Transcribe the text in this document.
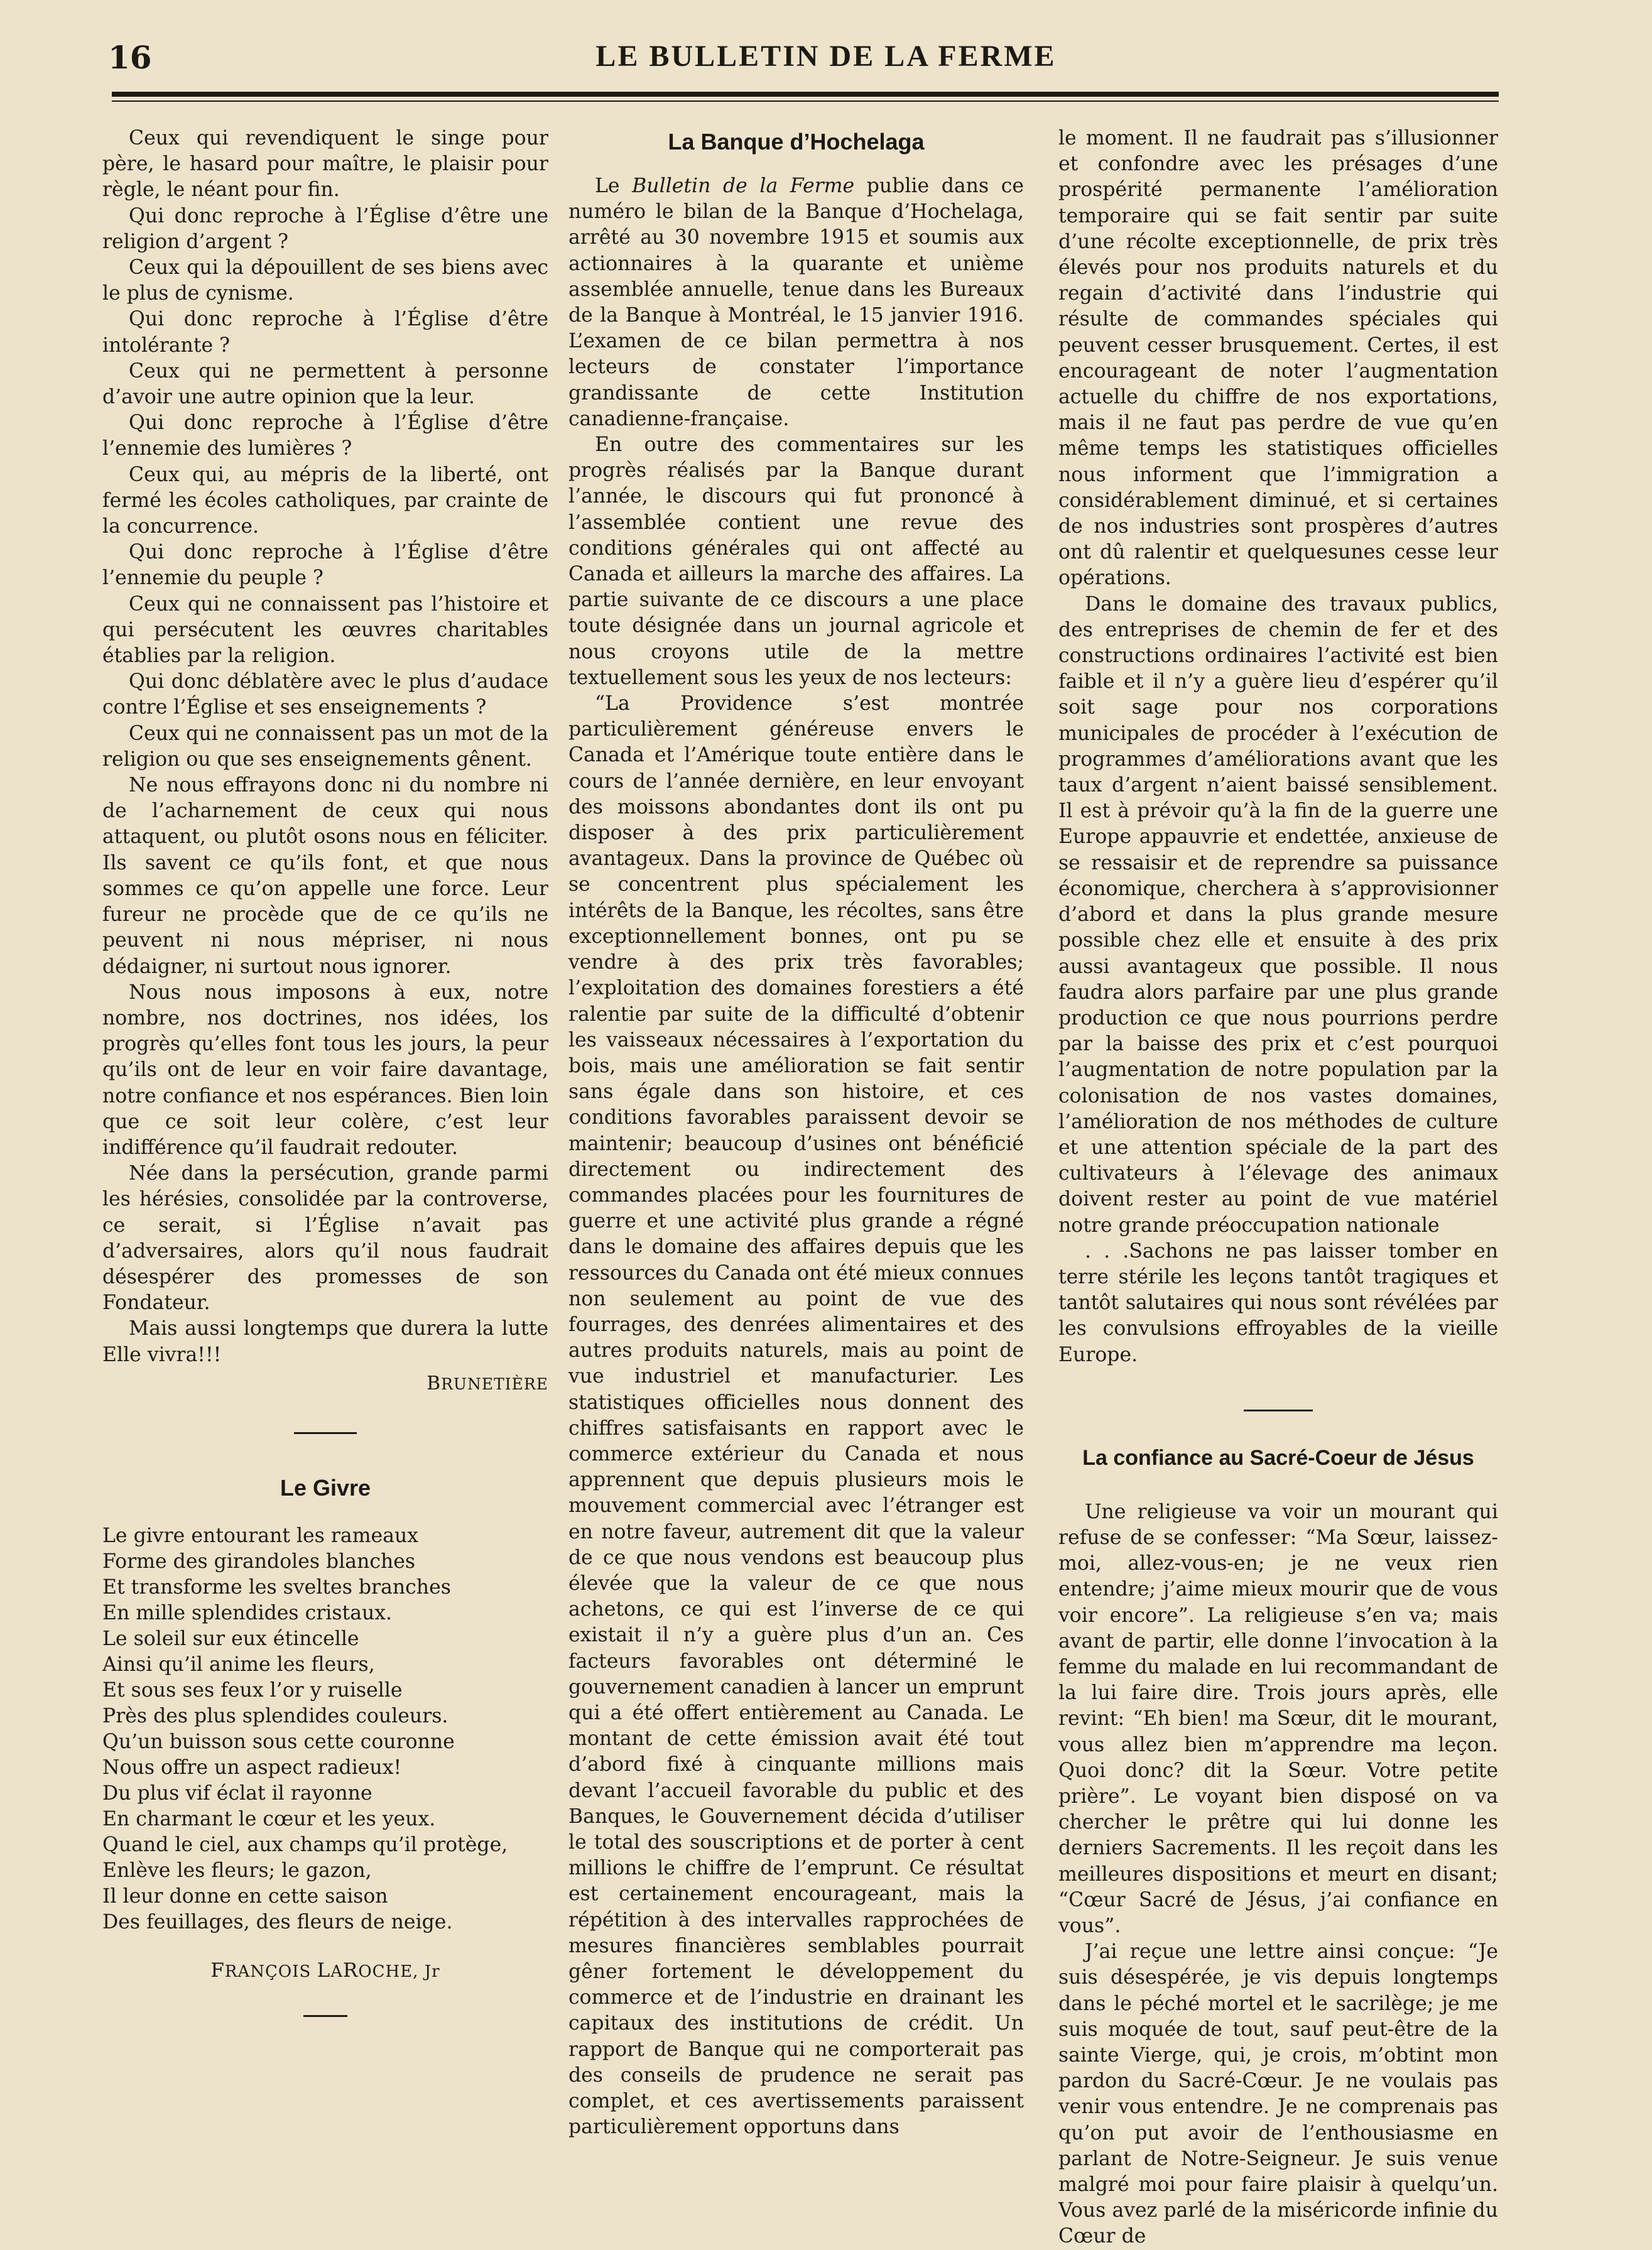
16	LE BULLETIN DE LA FERME

Ceux qui revendiquent le singe pour père, le hasard pour maître, le plaisir pour règle, le néant pour fin.

Qui donc reproche à l’Église d’être une religion d’argent ?

Ceux qui la dépouillent de ses biens avec le plus de cynisme.

Qui donc reproche à l’Église d’être intolérante ?

Ceux qui ne permettent à personne d’avoir une autre opinion que la leur.

Qui donc reproche à l’Église d’être l’ennemie des lumières ?

Ceux qui, au mépris de la liberté, ont fermé les écoles catholiques, par crainte de la concurrence.

Qui donc reproche à l’Église d’être l’ennemie du peuple ?

Ceux qui ne connaissent pas l’histoire et qui persécutent les œuvres charitables établies par la religion.

Qui donc déblatère avec le plus d’audace contre l’Église et ses enseignements ?

Ceux qui ne connaissent pas un mot de la religion ou que ses enseignements gênent.

Ne nous effrayons donc ni du nombre ni de l’acharnement de ceux qui nous attaquent, ou plutôt osons nous en féliciter. Ils savent ce qu’ils font, et que nous sommes ce qu’on appelle une force. Leur fureur ne procède que de ce qu’ils ne peuvent ni nous mépriser, ni nous dédaigner, ni surtout nous ignorer.

Nous nous imposons à eux, notre nombre, nos doctrines, nos idées, los progrès qu’elles font tous les jours, la peur qu’ils ont de leur en voir faire davantage, notre confiance et nos espérances. Bien loin que ce soit leur colère, c’est leur indifférence qu’il faudrait redouter.

Née dans la persécution, grande parmi les hérésies, consolidée par la controverse, ce serait, si l’Église n’avait pas d’adversaires, alors qu’il nous faudrait désespérer des promesses de son Fondateur.

Mais aussi longtemps que durera la lutte Elle vivra!!!

BRUNETIÈRE
Le Givre
Le givre entourant les rameaux
Forme des girandoles blanches
Et transforme les sveltes branches
En mille splendides cristaux.
Le soleil sur eux étincelle
Ainsi qu’il anime les fleurs,
Et sous ses feux l’or y ruiselle
Près des plus splendides couleurs.
Qu’un buisson sous cette couronne
Nous offre un aspect radieux!
Du plus vif éclat il rayonne
En charmant le cœur et les yeux.
Quand le ciel, aux champs qu’il protège,
Enlève les fleurs; le gazon,
Il leur donne en cette saison
Des feuillages, des fleurs de neige.
FRANÇOIS LAROCHE, Jr
La Banque d’Hochelaga

Le Bulletin de la Ferme publie dans ce numéro le bilan de la Banque d’Hochelaga, arrêté au 30 novembre 1915 et soumis aux actionnaires à la quarante et unième assemblée annuelle, tenue dans les Bureaux de la Banque à Montréal, le 15 janvier 1916. L’examen de ce bilan permettra à nos lecteurs de constater l’importance grandissante de cette Institution canadienne-française.

En outre des commentaires sur les progrès réalisés par la Banque durant l’année, le discours qui fut prononcé à l’assemblée contient une revue des conditions générales qui ont affecté au Canada et ailleurs la marche des affaires. La partie suivante de ce discours a une place toute désignée dans un journal agricole et nous croyons utile de la mettre textuellement sous les yeux de nos lecteurs:

“La Providence s’est montrée particulièrement généreuse envers le Canada et l’Amérique toute entière dans le cours de l’année dernière, en leur envoyant des moissons abondantes dont ils ont pu disposer à des prix particulièrement avantageux. Dans la province de Québec où se concentrent plus spécialement les intérêts de la Banque, les récoltes, sans être exceptionnellement bonnes, ont pu se vendre à des prix très favorables; l’exploitation des domaines forestiers a été ralentie par suite de la difficulté d’obtenir les vaisseaux nécessaires à l’exportation du bois, mais une amélioration se fait sentir sans égale dans son histoire, et ces conditions favorables paraissent devoir se maintenir; beaucoup d’usines ont bénéficié directement ou indirectement des commandes placées pour les fournitures de guerre et une activité plus grande a régné dans le domaine des affaires depuis que les ressources du Canada ont été mieux connues non seulement au point de vue des fourrages, des denrées alimentaires et des autres produits naturels, mais au point de vue industriel et manufacturier. Les statistiques officielles nous donnent des chiffres satisfaisants en rapport avec le commerce extérieur du Canada et nous apprennent que depuis plusieurs mois le mouvement commercial avec l’étranger est en notre faveur, autrement dit que la valeur de ce que nous vendons est beaucoup plus élevée que la valeur de ce que nous achetons, ce qui est l’inverse de ce qui existait il n’y a guère plus d’un an. Ces facteurs favorables ont déterminé le gouvernement canadien à lancer un emprunt qui a été offert entièrement au Canada. Le montant de cette émission avait été tout d’abord fixé à cinquante millions mais devant l’accueil favorable du public et des Banques, le Gouvernement décida d’utiliser le total des souscriptions et de porter à cent millions le chiffre de l’emprunt. Ce résultat est certainement encourageant, mais la répétition à des intervalles rapprochées de mesures financières semblables pourrait gêner fortement le développement du commerce et de l’industrie en drainant les capitaux des institutions de crédit. Un rapport de Banque qui ne comporterait pas des conseils de prudence ne serait pas complet, et ces avertissements paraissent particulièrement opportuns dans

le moment. Il ne faudrait pas s’illusionner et confondre avec les présages d’une prospérité permanente l’amélioration temporaire qui se fait sentir par suite d’une récolte exceptionnelle, de prix très élevés pour nos produits naturels et du regain d’activité dans l’industrie qui résulte de commandes spéciales qui peuvent cesser brusquement. Certes, il est encourageant de noter l’augmentation actuelle du chiffre de nos exportations, mais il ne faut pas perdre de vue qu’en même temps les statistiques officielles nous informent que l’immigration a considérablement diminué, et si certaines de nos industries sont prospères d’autres ont dû ralentir et quelquesunes cesse leur opérations.

Dans le domaine des travaux publics, des entreprises de chemin de fer et des constructions ordinaires l’activité est bien faible et il n’y a guère lieu d’espérer qu’il soit sage pour nos corporations municipales de procéder à l’exécution de programmes d’améliorations avant que les taux d’argent n’aient baissé sensiblement. Il est à prévoir qu’à la fin de la guerre une Europe appauvrie et endettée, anxieuse de se ressaisir et de reprendre sa puissance économique, cherchera à s’approvisionner d’abord et dans la plus grande mesure possible chez elle et ensuite à des prix aussi avantageux que possible. Il nous faudra alors parfaire par une plus grande production ce que nous pourrions perdre par la baisse des prix et c’est pourquoi l’augmentation de notre population par la colonisation de nos vastes domaines, l’amélioration de nos méthodes de culture et une attention spéciale de la part des cultivateurs à l’élevage des animaux doivent rester au point de vue matériel notre grande préoccupation nationale

. . .Sachons ne pas laisser tomber en terre stérile les leçons tantôt tragiques et tantôt salutaires qui nous sont révélées par les convulsions effroyables de la vieille Europe.

La confiance au Sacré-Coeur de Jésus

Une religieuse va voir un mourant qui refuse de se confesser: “Ma Sœur, laissez-moi, allez-vous-en; je ne veux rien entendre; j’aime mieux mourir que de vous voir encore”. La religieuse s’en va; mais avant de partir, elle donne l’invocation à la femme du malade en lui recommandant de la lui faire dire. Trois jours après, elle revint: “Eh bien! ma Sœur, dit le mourant, vous allez bien m’apprendre ma leçon. Quoi donc? dit la Sœur. Votre petite prière”. Le voyant bien disposé on va chercher le prêtre qui lui donne les derniers Sacrements. Il les reçoit dans les meilleures dispositions et meurt en disant; “Cœur Sacré de Jésus, j’ai confiance en vous”.

J’ai reçue une lettre ainsi conçue: “Je suis désespérée, je vis depuis longtemps dans le péché mortel et le sacrilège; je me suis moquée de tout, sauf peut-être de la sainte Vierge, qui, je crois, m’obtint mon pardon du Sacré-Cœur. Je ne voulais pas venir vous entendre. Je ne comprenais pas qu’on put avoir de l’enthousiasme en parlant de Notre-Seigneur. Je suis venue malgré moi pour faire plaisir à quelqu’un. Vous avez parlé de la miséricorde infinie du Cœur de
